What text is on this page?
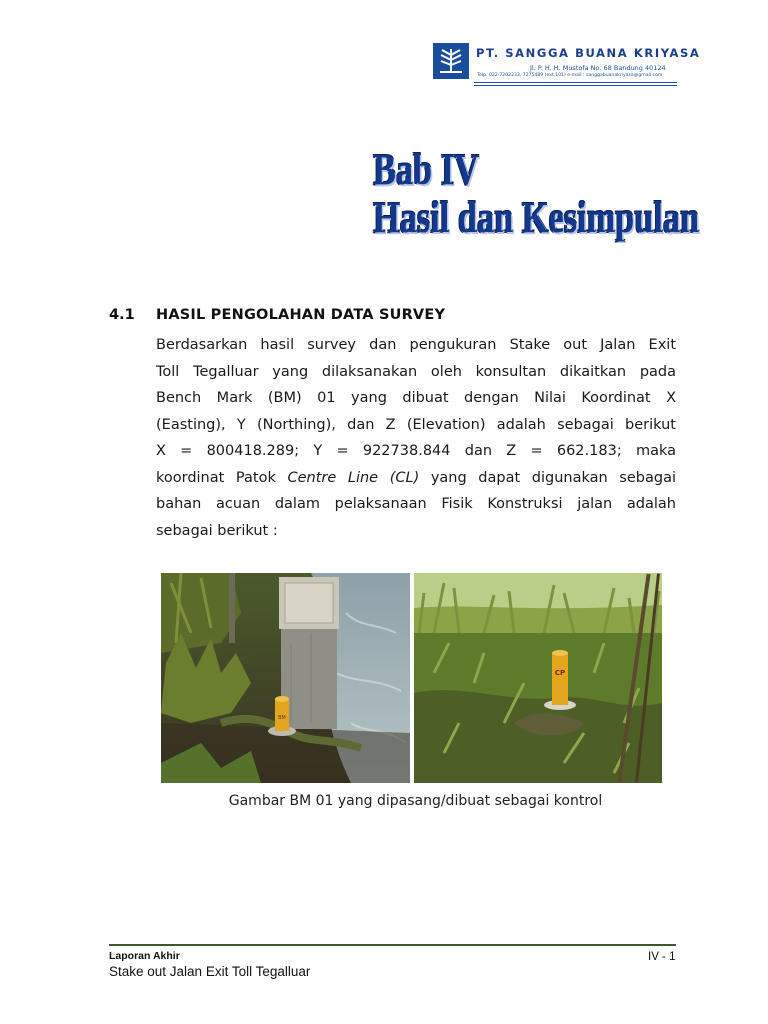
PT. SANGGA BUANA KRIYASA
Jl. P. H. H. Mustofa No. 68 Bandung 40124
Telp. 022-7202233, 7275489 (ext.101) e-mail : sanggabuanakriyasa@gmail.com
Bab IV
Hasil dan Kesimpulan
4.1 HASIL PENGOLAHAN DATA SURVEY

Berdasarkan hasil survey dan pengukuran Stake out Jalan Exit

Toll Tegalluar yang dilaksanakan oleh konsultan dikaitkan pada

Bench Mark (BM) 01 yang dibuat dengan Nilai Koordinat X

(Easting), Y (Northing), dan Z (Elevation) adalah sebagai berikut

X = 800418.289; Y = 922738.844 dan Z = 662.183; maka

koordinat Patok Centre Line (CL) yang dapat digunakan sebagai

bahan acuan dalam pelaksanaan Fisik Konstruksi jalan adalah

sebagai berikut :

BM
CP
Gambar BM 01 yang dipasang/dibuat sebagai kontrol
Laporan Akhir
Stake out Jalan Exit Toll Tegalluar
IV - 1
